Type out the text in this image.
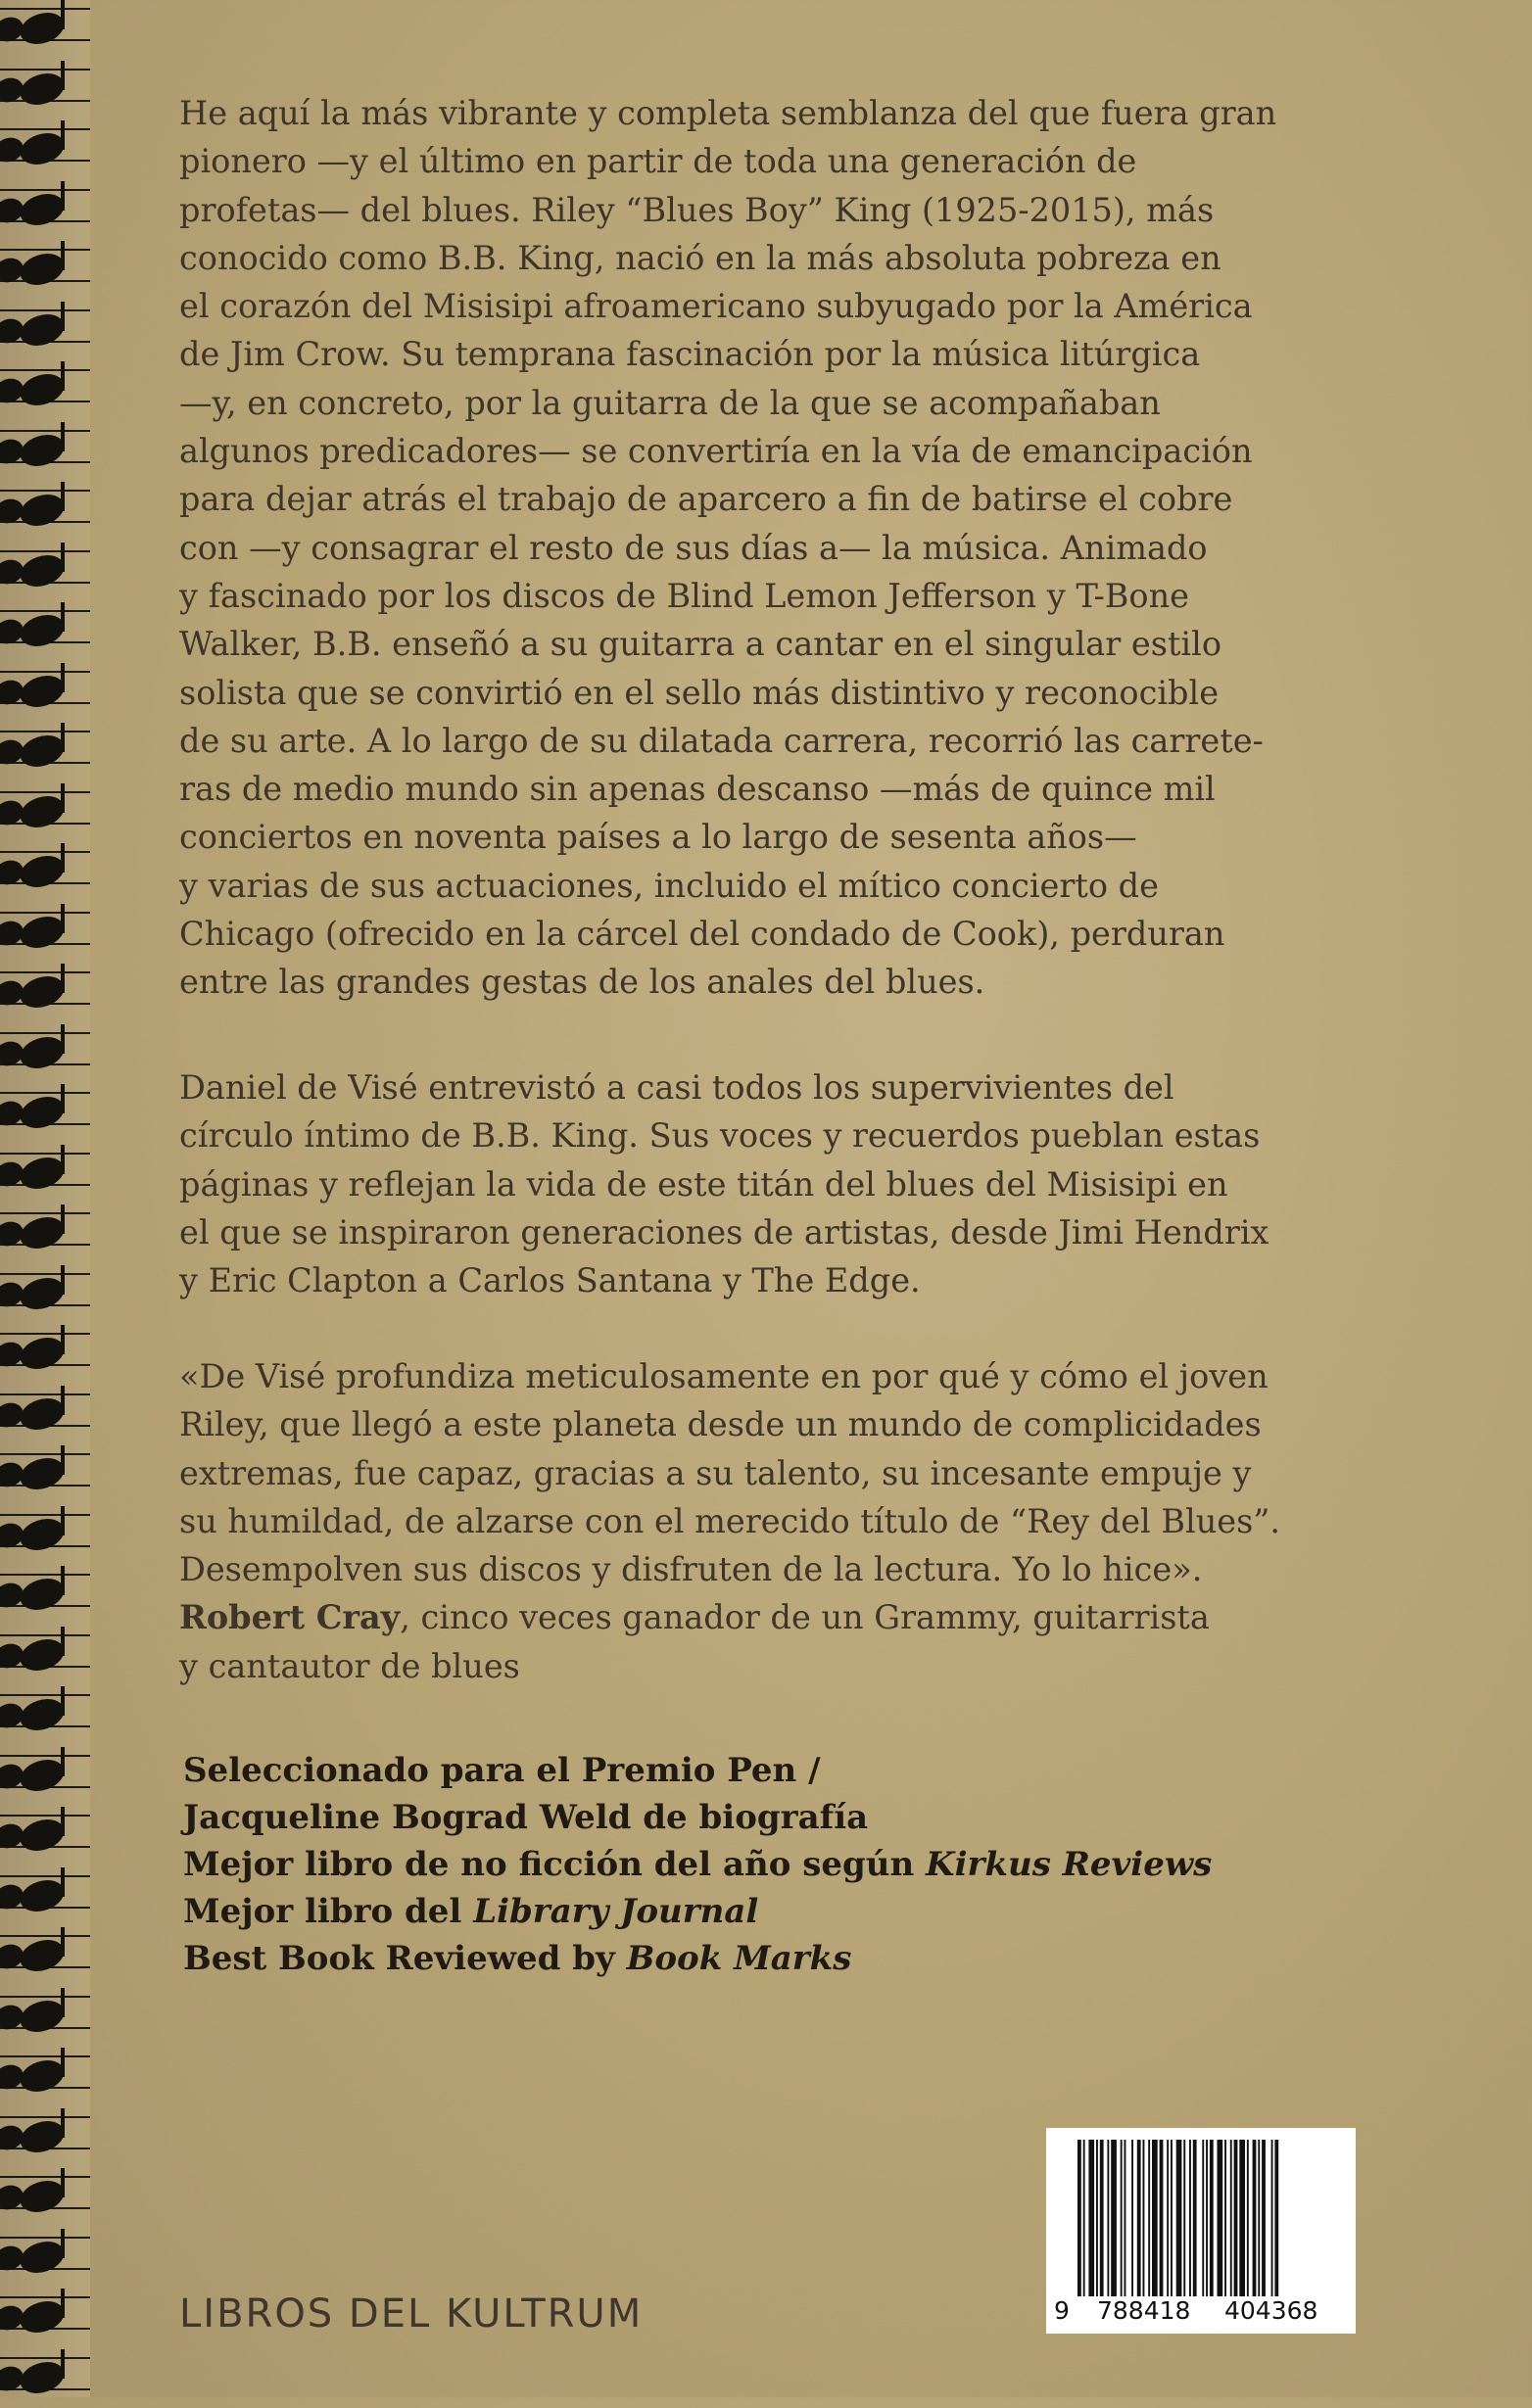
He aquí la más vibrante y completa semblanza del que fuera gran

pionero —y el último en partir de toda una generación de

profetas— del blues. Riley “Blues Boy” King (1925-2015), más

conocido como B.B. King, nació en la más absoluta pobreza en

el corazón del Misisipi afroamericano subyugado por la América

de Jim Crow. Su temprana fascinación por la música litúrgica

—y, en concreto, por la guitarra de la que se acompañaban

algunos predicadores— se convertiría en la vía de emancipación

para dejar atrás el trabajo de aparcero a fin de batirse el cobre

con —y consagrar el resto de sus días a— la música. Animado

y fascinado por los discos de Blind Lemon Jefferson y T-Bone

Walker, B.B. enseñó a su guitarra a cantar en el singular estilo

solista que se convirtió en el sello más distintivo y reconocible

de su arte. A lo largo de su dilatada carrera, recorrió las carrete-

ras de medio mundo sin apenas descanso —más de quince mil

conciertos en noventa países a lo largo de sesenta años—

y varias de sus actuaciones, incluido el mítico concierto de

Chicago (ofrecido en la cárcel del condado de Cook), perduran

entre las grandes gestas de los anales del blues.

Daniel de Visé entrevistó a casi todos los supervivientes del

círculo íntimo de B.B. King. Sus voces y recuerdos pueblan estas

páginas y reflejan la vida de este titán del blues del Misisipi en

el que se inspiraron generaciones de artistas, desde Jimi Hendrix

y Eric Clapton a Carlos Santana y The Edge.

«De Visé profundiza meticulosamente en por qué y cómo el joven

Riley, que llegó a este planeta desde un mundo de complicidades

extremas, fue capaz, gracias a su talento, su incesante empuje y

su humildad, de alzarse con el merecido título de “Rey del Blues”.

Desempolven sus discos y disfruten de la lectura. Yo lo hice».

Robert Cray, cinco veces ganador de un Grammy, guitarrista

y cantautor de blues

Seleccionado para el Premio Pen /
Jacqueline Bograd Weld de biografía
Mejor libro de no ficción del año según Kirkus Reviews
Mejor libro del Library Journal
Best Book Reviewed by Book Marks
LIBROS DEL KULTRUM	9 788418 404368
